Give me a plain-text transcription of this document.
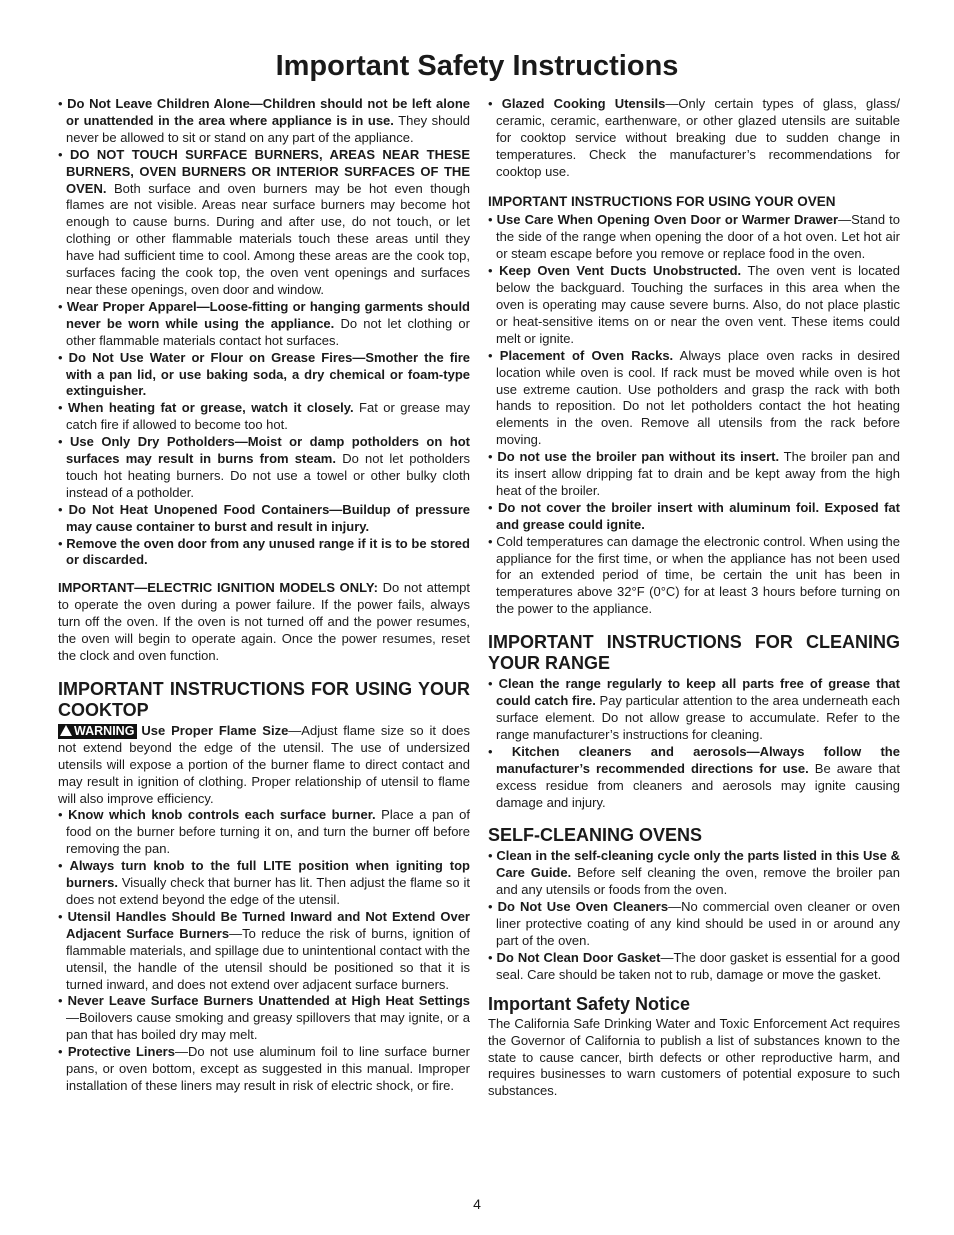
Important Safety Instructions

• Do Not Leave Children Alone—Children should not be left alone or unattended in the area where appliance is in use. They should never be allowed to sit or stand on any part of the appliance.

• DO NOT TOUCH SURFACE BURNERS, AREAS NEAR THESE BURNERS, OVEN BURNERS OR INTERIOR SURFACES OF THE OVEN. Both surface and oven burners may be hot even though flames are not visible. Areas near surface burners may become hot enough to cause burns. During and after use, do not touch, or let clothing or other flammable materials touch these areas until they have had sufficient time to cool. Among these areas are the cook top, surfaces facing the cook top, the oven vent openings and surfaces near these openings, oven door and window.

• Wear Proper Apparel—Loose-fitting or hanging garments should never be worn while using the appliance. Do not let clothing or other flammable materials contact hot surfaces.

• Do Not Use Water or Flour on Grease Fires—Smother the fire with a pan lid, or use baking soda, a dry chemical or foam-type extinguisher.

• When heating fat or grease, watch it closely. Fat or grease may catch fire if allowed to become too hot.

• Use Only Dry Potholders—Moist or damp potholders on hot surfaces may result in burns from steam. Do not let potholders touch hot heating burners. Do not use a towel or other bulky cloth instead of a potholder.

• Do Not Heat Unopened Food Containers—Buildup of pressure may cause container to burst and result in injury.

• Remove the oven door from any unused range if it is to be stored or discarded.

IMPORTANT—ELECTRIC IGNITION MODELS ONLY: Do not attempt to operate the oven during a power failure. If the power fails, always turn off the oven. If the oven is not turned off and the power resumes, the oven will begin to operate again. Once the power resumes, reset the clock and oven function.

IMPORTANT INSTRUCTIONS FOR USING YOUR COOKTOP

WARNING Use Proper Flame Size—Adjust flame size so it does not extend beyond the edge of the utensil. The use of undersized utensils will expose a portion of the burner flame to direct contact and may result in ignition of clothing. Proper relationship of utensil to flame will also improve efficiency.

• Know which knob controls each surface burner. Place a pan of food on the burner before turning it on, and turn the burner off before removing the pan.

• Always turn knob to the full LITE position when igniting top burners. Visually check that burner has lit. Then adjust the flame so it does not extend beyond the edge of the utensil.

• Utensil Handles Should Be Turned Inward and Not Extend Over Adjacent Surface Burners—To reduce the risk of burns, ignition of flammable materials, and spillage due to unintentional contact with the utensil, the handle of the utensil should be positioned so that it is turned inward, and does not extend over adjacent surface burners.

• Never Leave Surface Burners Unattended at High Heat Settings—Boilovers cause smoking and greasy spillovers that may ignite, or a pan that has boiled dry may melt.

• Protective Liners—Do not use aluminum foil to line surface burner pans, or oven bottom, except as suggested in this manual. Improper installation of these liners may result in risk of electric shock, or fire.

• Glazed Cooking Utensils—Only certain types of glass, glass/ ceramic, ceramic, earthenware, or other glazed utensils are suitable for cooktop service without breaking due to sudden change in temperatures. Check the manufacturer’s recommendations for cooktop use.

IMPORTANT INSTRUCTIONS FOR USING YOUR OVEN

• Use Care When Opening Oven Door or Warmer Drawer—Stand to the side of the range when opening the door of a hot oven. Let hot air or steam escape before you remove or replace food in the oven.

• Keep Oven Vent Ducts Unobstructed. The oven vent is located below the backguard. Touching the surfaces in this area when the oven is operating may cause severe burns. Also, do not place plastic or heat-sensitive items on or near the oven vent. These items could melt or ignite.

• Placement of Oven Racks. Always place oven racks in desired location while oven is cool. If rack must be moved while oven is hot use extreme caution. Use potholders and grasp the rack with both hands to reposition. Do not let potholders contact the hot heating elements in the oven. Remove all utensils from the rack before moving.

• Do not use the broiler pan without its insert. The broiler pan and its insert allow dripping fat to drain and be kept away from the high heat of the broiler.

• Do not cover the broiler insert with aluminum foil. Exposed fat and grease could ignite.

• Cold temperatures can damage the electronic control. When using the appliance for the first time, or when the appliance has not been used for an extended period of time, be certain the unit has been in temperatures above 32°F (0°C) for at least 3 hours before turning on the power to the appliance.

IMPORTANT INSTRUCTIONS FOR CLEANING YOUR RANGE

• Clean the range regularly to keep all parts free of grease that could catch fire. Pay particular attention to the area underneath each surface element. Do not allow grease to accumulate. Refer to the range manufacturer’s instructions for cleaning.

• Kitchen cleaners and aerosols—Always follow the manufacturer’s recommended directions for use. Be aware that excess residue from cleaners and aerosols may ignite causing damage and injury.

SELF-CLEANING OVENS

• Clean in the self-cleaning cycle only the parts listed in this Use & Care Guide. Before self cleaning the oven, remove the broiler pan and any utensils or foods from the oven.

• Do Not Use Oven Cleaners—No commercial oven cleaner or oven liner protective coating of any kind should be used in or around any part of the oven.

• Do Not Clean Door Gasket—The door gasket is essential for a good seal. Care should be taken not to rub, damage or move the gasket.

Important Safety Notice

The California Safe Drinking Water and Toxic Enforcement Act requires the Governor of California to publish a list of substances known to the state to cause cancer, birth defects or other reproductive harm, and requires businesses to warn customers of potential exposure to such substances.

4
